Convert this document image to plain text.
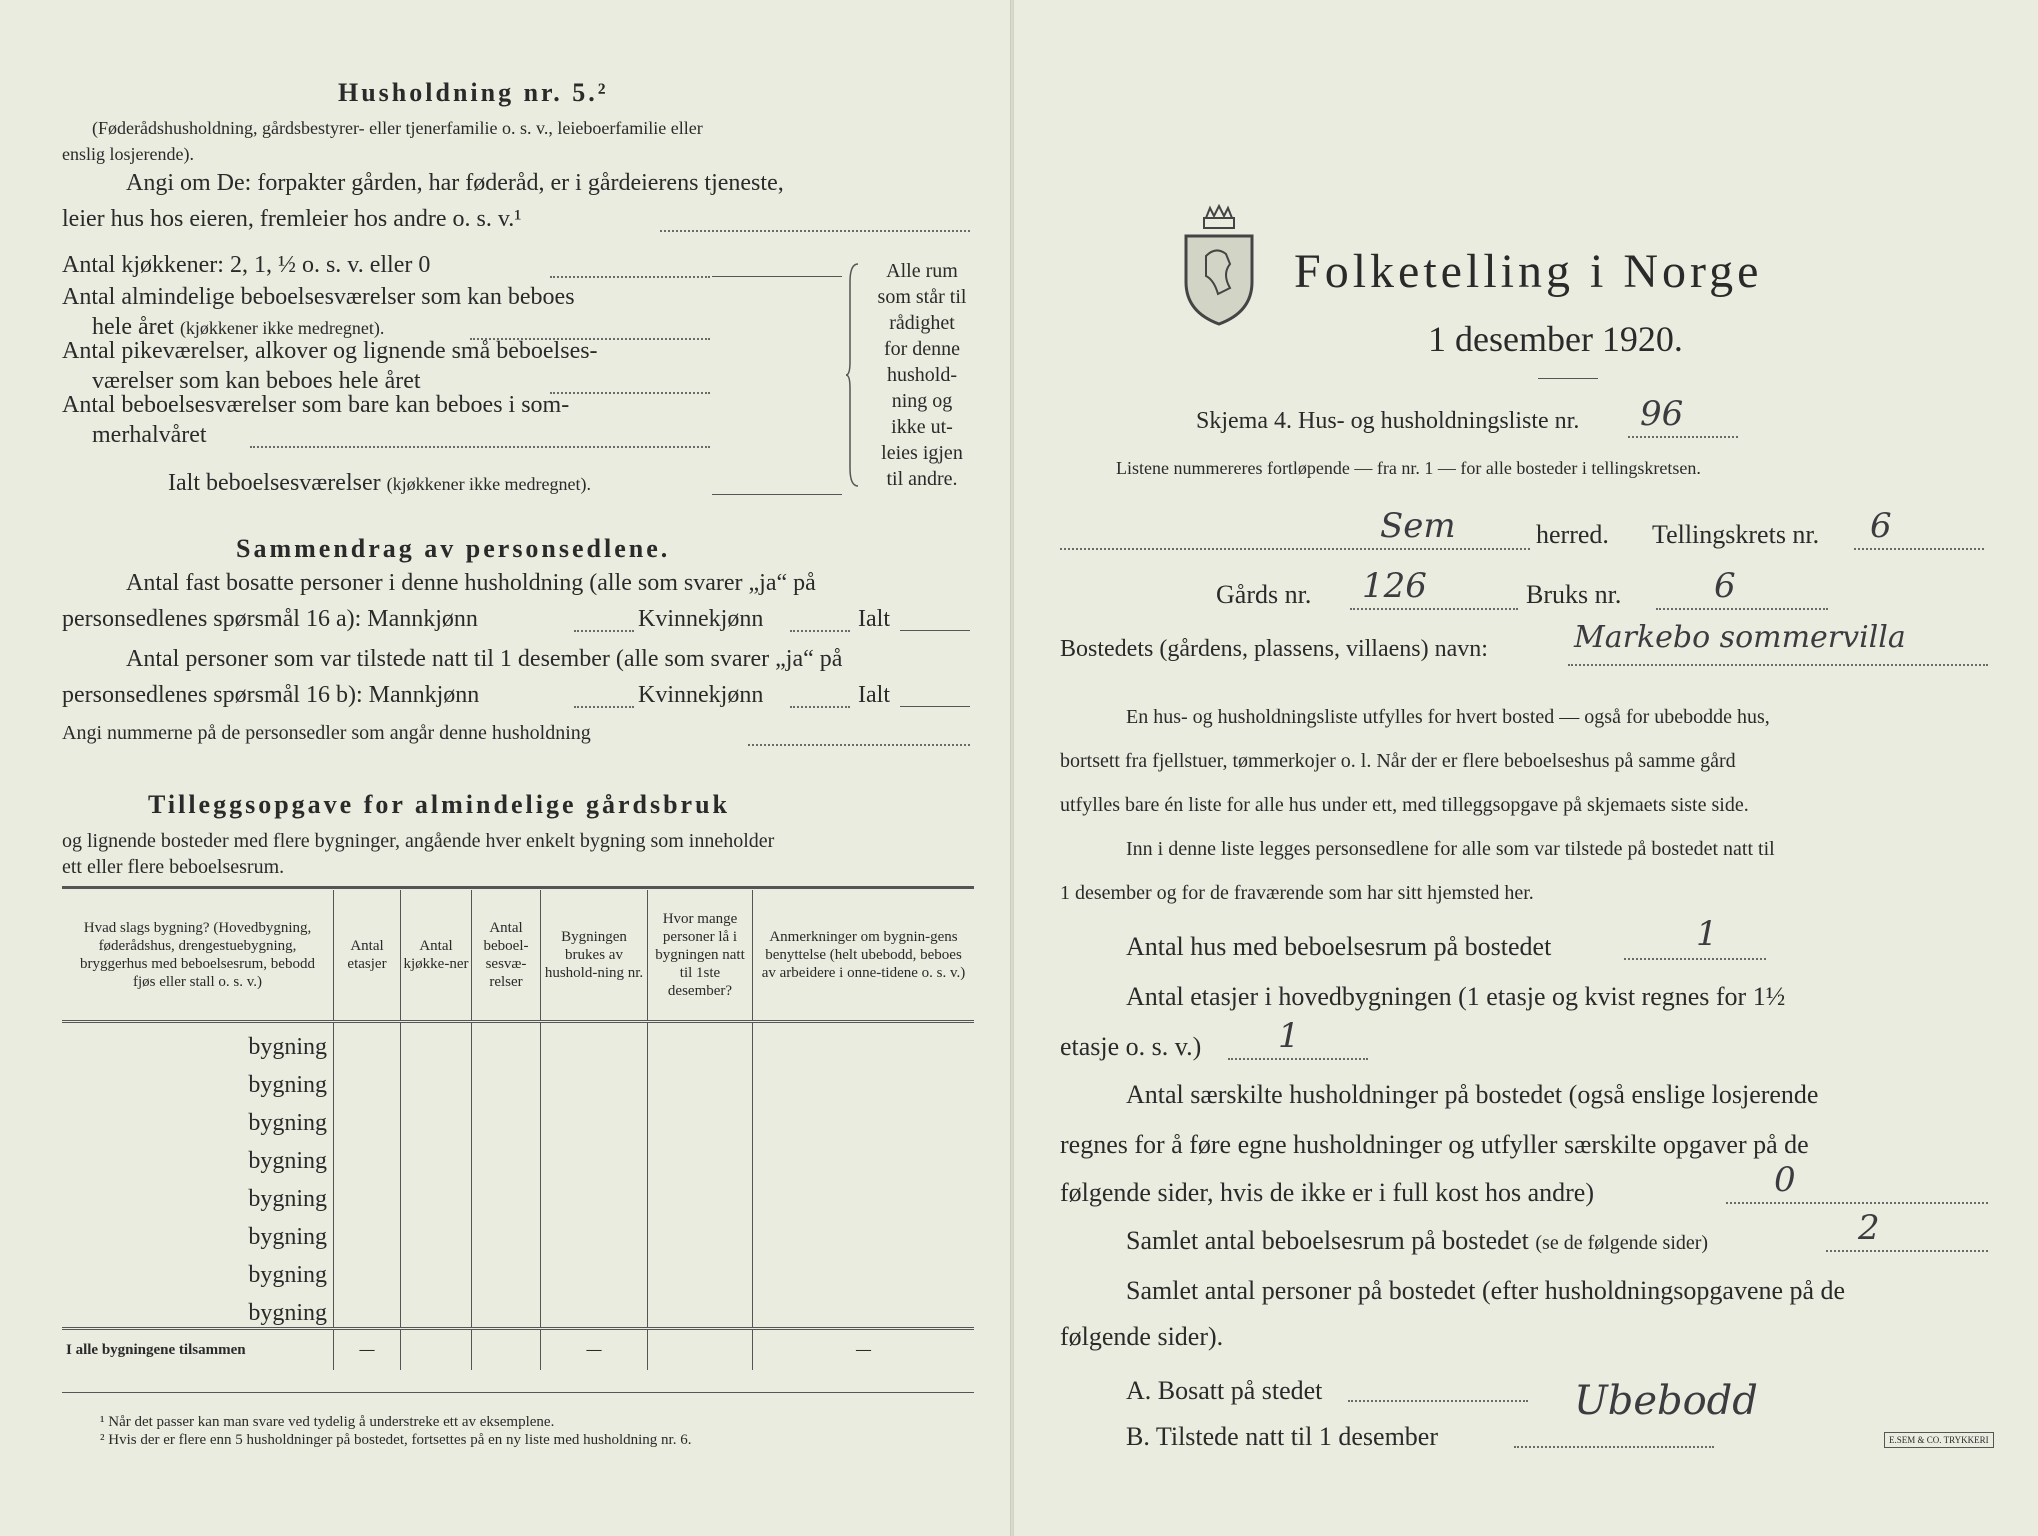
Husholdning nr. 5.²
(Føderådshusholdning, gårdsbestyrer- eller tjenerfamilie o. s. v., leieboerfamilie eller
enslig losjerende).
Angi om De: forpakter gården, har føderåd, er i gårdeierens tjeneste,
leier hus hos eieren, fremleier hos andre o. s. v.¹
Antal kjøkkener: 2, 1, ½ o. s. v. eller 0
Antal almindelige beboelsesværelser som kan beboes
hele året (kjøkkener ikke medregnet).
Antal pikeværelser, alkover og lignende små beboelses-
værelser som kan beboes hele året
Antal beboelsesværelser som bare kan beboes i som-
merhalvåret
Ialt beboelsesværelser (kjøkkener ikke medregnet).
Alle rum
som står til
rådighet
for denne
hushold-
ning og
ikke ut-
leies igjen
til andre.
Sammendrag av personsedlene.
Antal fast bosatte personer i denne husholdning (alle som svarer „ja“ på
personsedlenes spørsmål 16 a): Mannkjønn	Kvinnekjønn	Ialt
Antal personer som var tilstede natt til 1 desember (alle som svarer „ja“ på
personsedlenes spørsmål 16 b): Mannkjønn	Kvinnekjønn	Ialt
Angi nummerne på de personsedler som angår denne husholdning
Tilleggsopgave for almindelige gårdsbruk
og lignende bosteder med flere bygninger, angående hver enkelt bygning som inneholder
ett eller flere beboelsesrum.
Hvad slags bygning? (Hovedbygning, føderådshus, drengestuebygning, bryggerhus med beboelsesrum, bebodd fjøs eller stall o. s. v.)	Antal etasjer	Antal kjøkke-ner	Antal beboel-sesvæ-relser	Bygningen brukes av hushold-ning nr.	Hvor mange personer lå i bygningen natt til 1ste desember?	Anmerkninger om bygnin-gens benyttelse (helt ubebodd, beboes av arbeidere i onne-tidene o. s. v.)
bygning						
bygning						
bygning						
bygning						
bygning						
bygning						
bygning						
bygning						
I alle bygningene tilsammen	—			—		—
¹ Når det passer kan man svare ved tydelig å understreke ett av eksemplene.
² Hvis der er flere enn 5 husholdninger på bostedet, fortsettes på en ny liste med husholdning nr. 6.
Folketelling i Norge
1 desember 1920.
Skjema 4. Hus- og husholdningsliste nr. 96
Listene nummereres fortløpende — fra nr. 1 — for alle bosteder i tellingskretsen.
Sem	herred. Tellingskrets nr. 6
Gårds nr. 126	Bruks nr.	6
Bostedets (gårdens, plassens, villaens) navn:	Markebo sommervilla
En hus- og husholdningsliste utfylles for hvert bosted — også for ubebodde hus,
bortsett fra fjellstuer, tømmerkojer o. l. Når der er flere beboelseshus på samme gård
utfylles bare én liste for alle hus under ett, med tilleggsopgave på skjemaets siste side.
Inn i denne liste legges personsedlene for alle som var tilstede på bostedet natt til
1 desember og for de fraværende som har sitt hjemsted her.
Antal hus med beboelsesrum på bostedet	1
Antal etasjer i hovedbygningen (1 etasje og kvist regnes for 1½
etasje o. s. v.) 1
Antal særskilte husholdninger på bostedet (også enslige losjerende
regnes for å føre egne husholdninger og utfyller særskilte opgaver på de
følgende sider, hvis de ikke er i full kost hos andre)	0
Samlet antal beboelsesrum på bostedet (se de følgende sider)	2
Samlet antal personer på bostedet (efter husholdningsopgavene på de
følgende sider).
A. Bosatt på stedet
B. Tilstede natt til 1 desember
Ubebodd
E.SEM & CO. TRYKKERI
